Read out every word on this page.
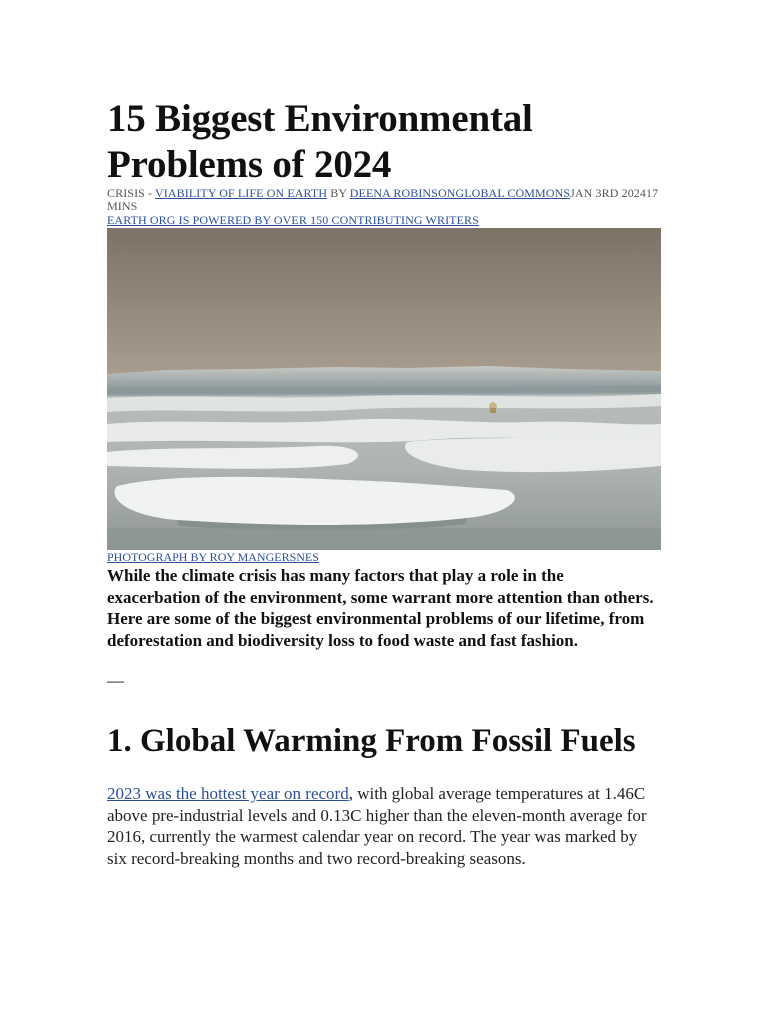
15 Biggest Environmental Problems of 2024
CRISIS - VIABILITY OF LIFE ON EARTH BY DEENA ROBINSONGLOBAL COMMONSJAN 3RD 202417 MINS
EARTH ORG IS POWERED BY OVER 150 CONTRIBUTING WRITERS
PHOTOGRAPH BY ROY MANGERSNES

While the climate crisis has many factors that play a role in the exacerbation of the environment, some warrant more attention than others. Here are some of the biggest environmental problems of our lifetime, from deforestation and biodiversity loss to food waste and fast fashion.

—
1. Global Warming From Fossil Fuels

2023 was the hottest year on record, with global average temperatures at 1.46C above pre-industrial levels and 0.13C higher than the eleven-month average for 2016, currently the warmest calendar year on record. The year was marked by six record-breaking months and two record-breaking seasons.
